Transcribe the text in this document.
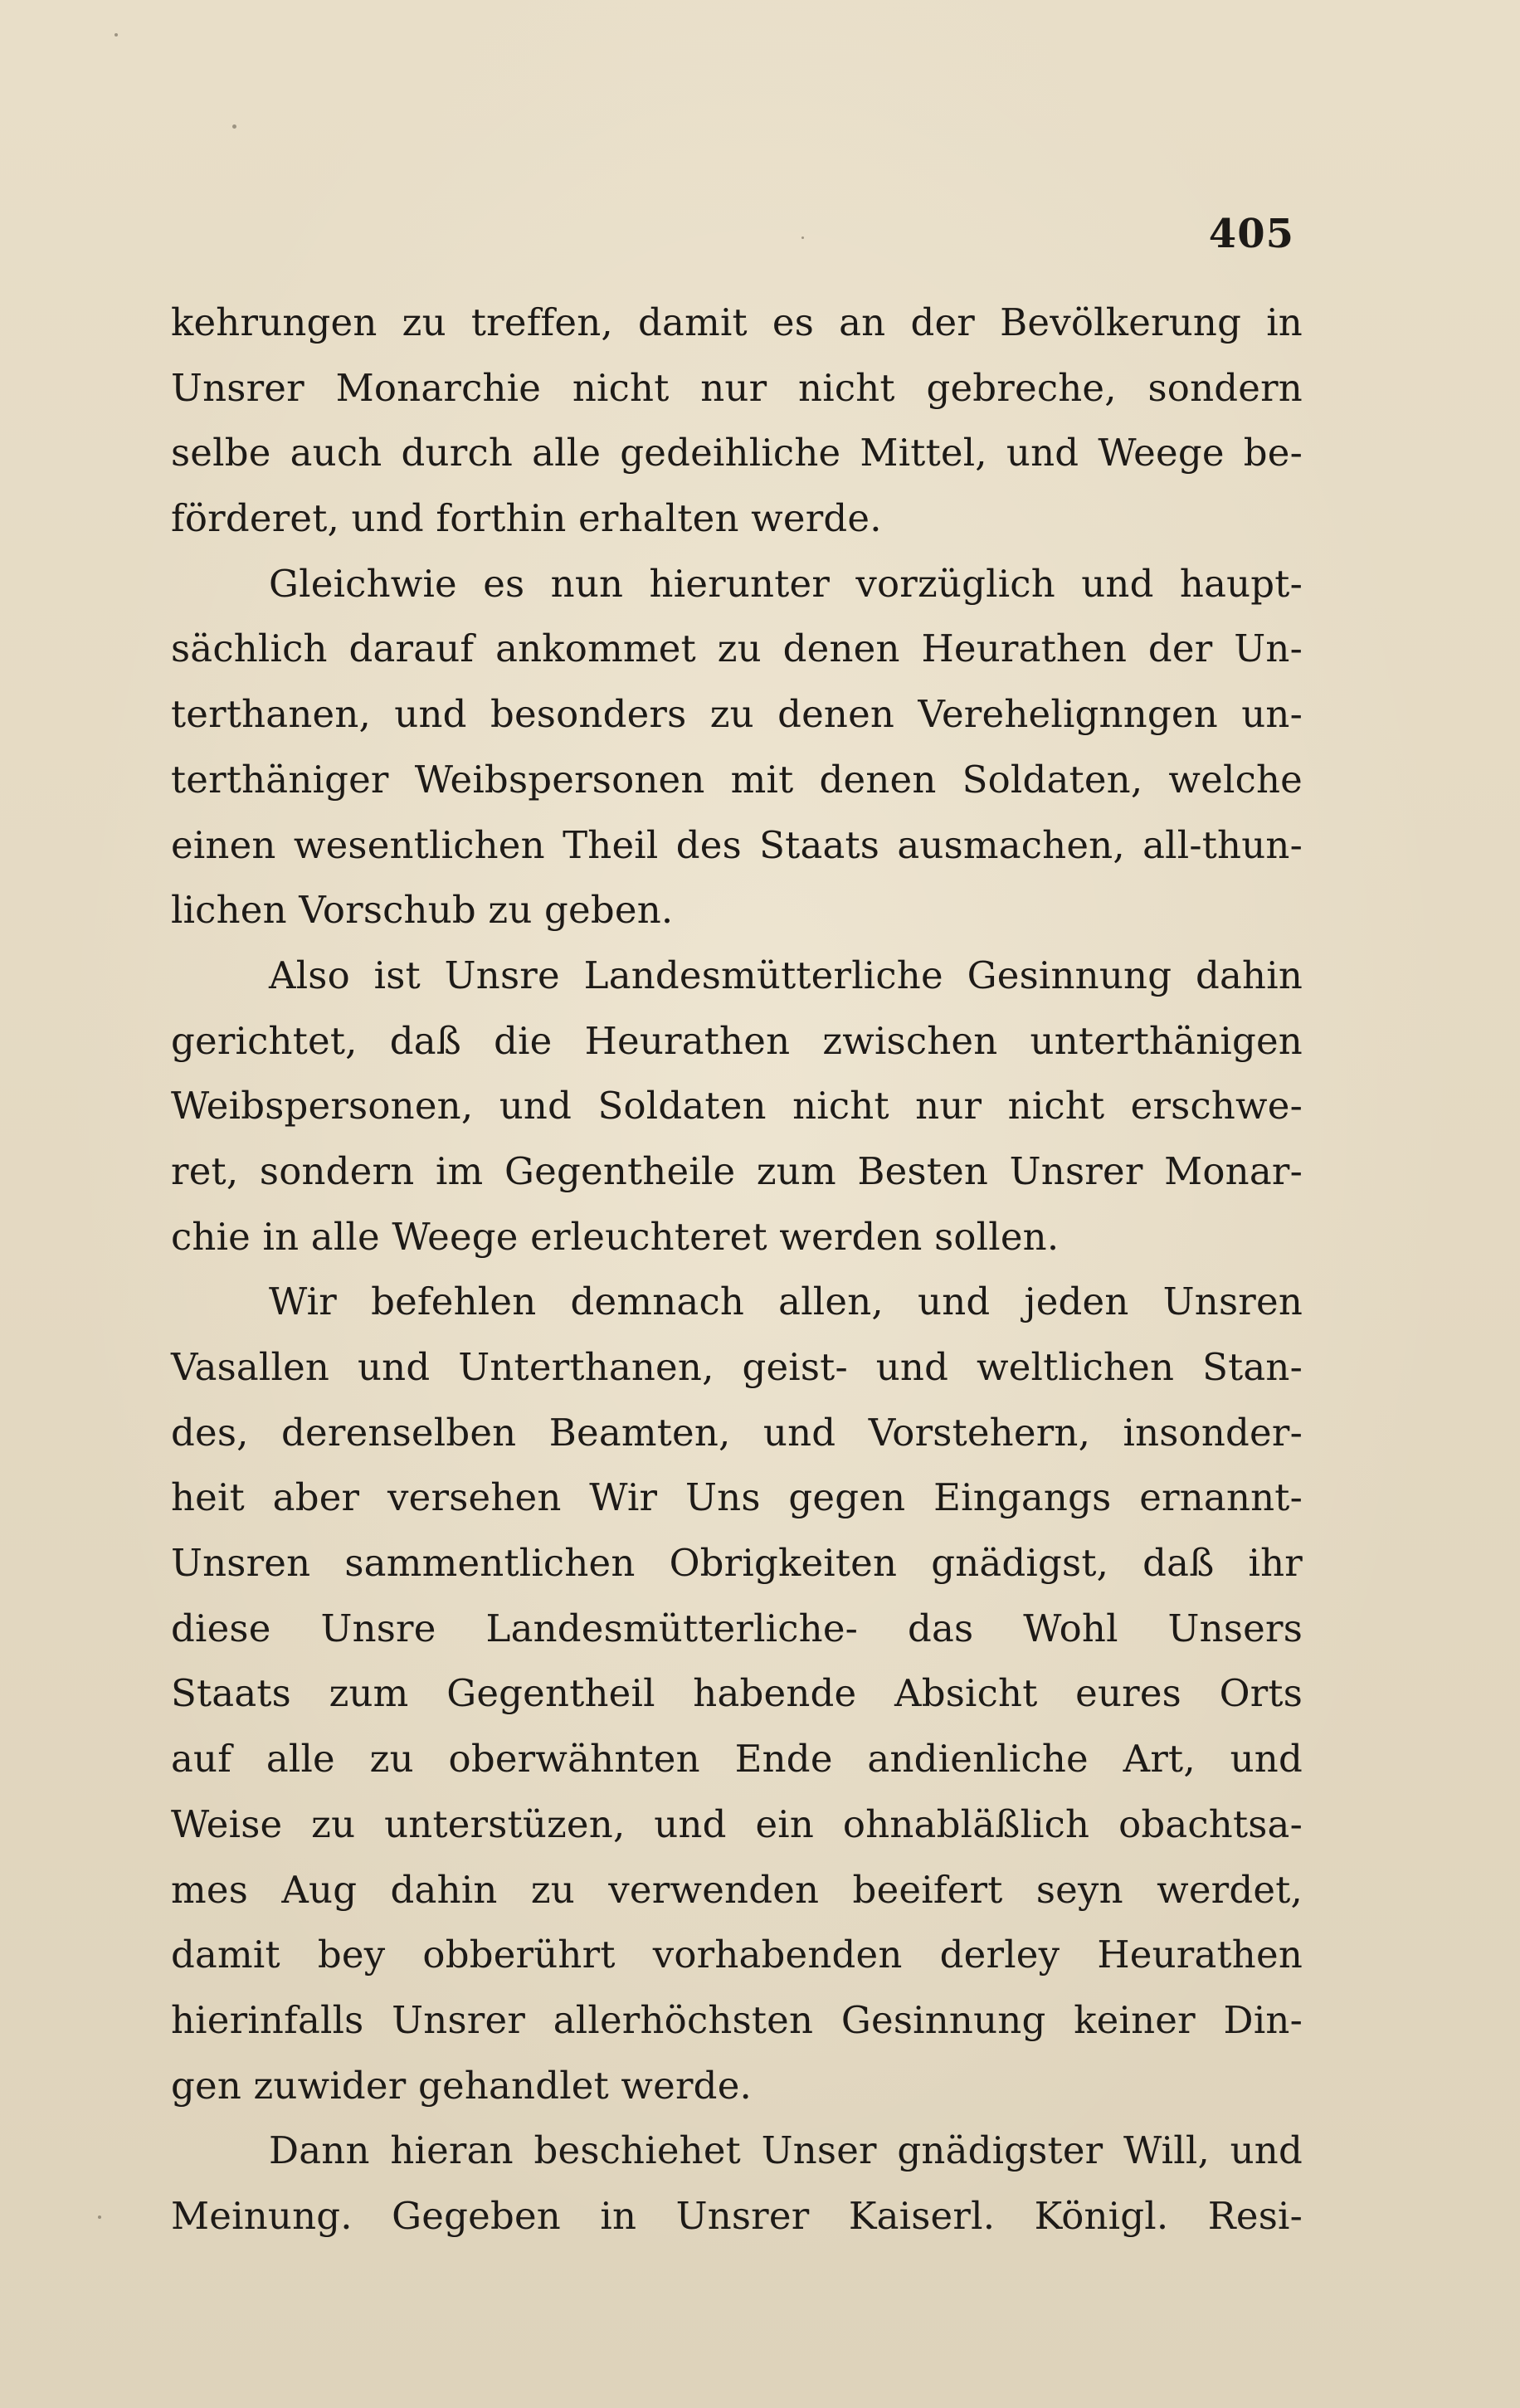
405
kehrungen zu treffen, damit es an der Bevölkerung in
Unsrer Monarchie nicht nur nicht gebreche, sondern
selbe auch durch alle gedeihliche Mittel, und Weege be-
förderet, und forthin erhalten werde.
Gleichwie es nun hierunter vorzüglich und haupt-
sächlich darauf ankommet zu denen Heurathen der Un-
terthanen, und besonders zu denen Verehelignngen un-
terthäniger Weibspersonen mit denen Soldaten, welche
einen wesentlichen Theil des Staats ausmachen, all-thun-
lichen Vorschub zu geben.
Also ist Unsre Landesmütterliche Gesinnung dahin
gerichtet, daß die Heurathen zwischen unterthänigen
Weibspersonen, und Soldaten nicht nur nicht erschwe-
ret, sondern im Gegentheile zum Besten Unsrer Monar-
chie in alle Weege erleuchteret werden sollen.
Wir befehlen demnach allen, und jeden Unsren
Vasallen und Unterthanen, geist- und weltlichen Stan-
des, derenselben Beamten, und Vorstehern, insonder-
heit aber versehen Wir Uns gegen Eingangs ernannt-
Unsren sammentlichen Obrigkeiten gnädigst, daß ihr
diese Unsre Landesmütterliche- das Wohl Unsers
Staats zum Gegentheil habende Absicht eures Orts
auf alle zu oberwähnten Ende andienliche Art, und
Weise zu unterstüzen, und ein ohnabläßlich obachtsa-
mes Aug dahin zu verwenden beeifert seyn werdet,
damit bey obberührt vorhabenden derley Heurathen
hierinfalls Unsrer allerhöchsten Gesinnung keiner Din-
gen zuwider gehandlet werde.
Dann hieran beschiehet Unser gnädigster Will, und
Meinung. Gegeben in Unsrer Kaiserl. Königl. Resi-
